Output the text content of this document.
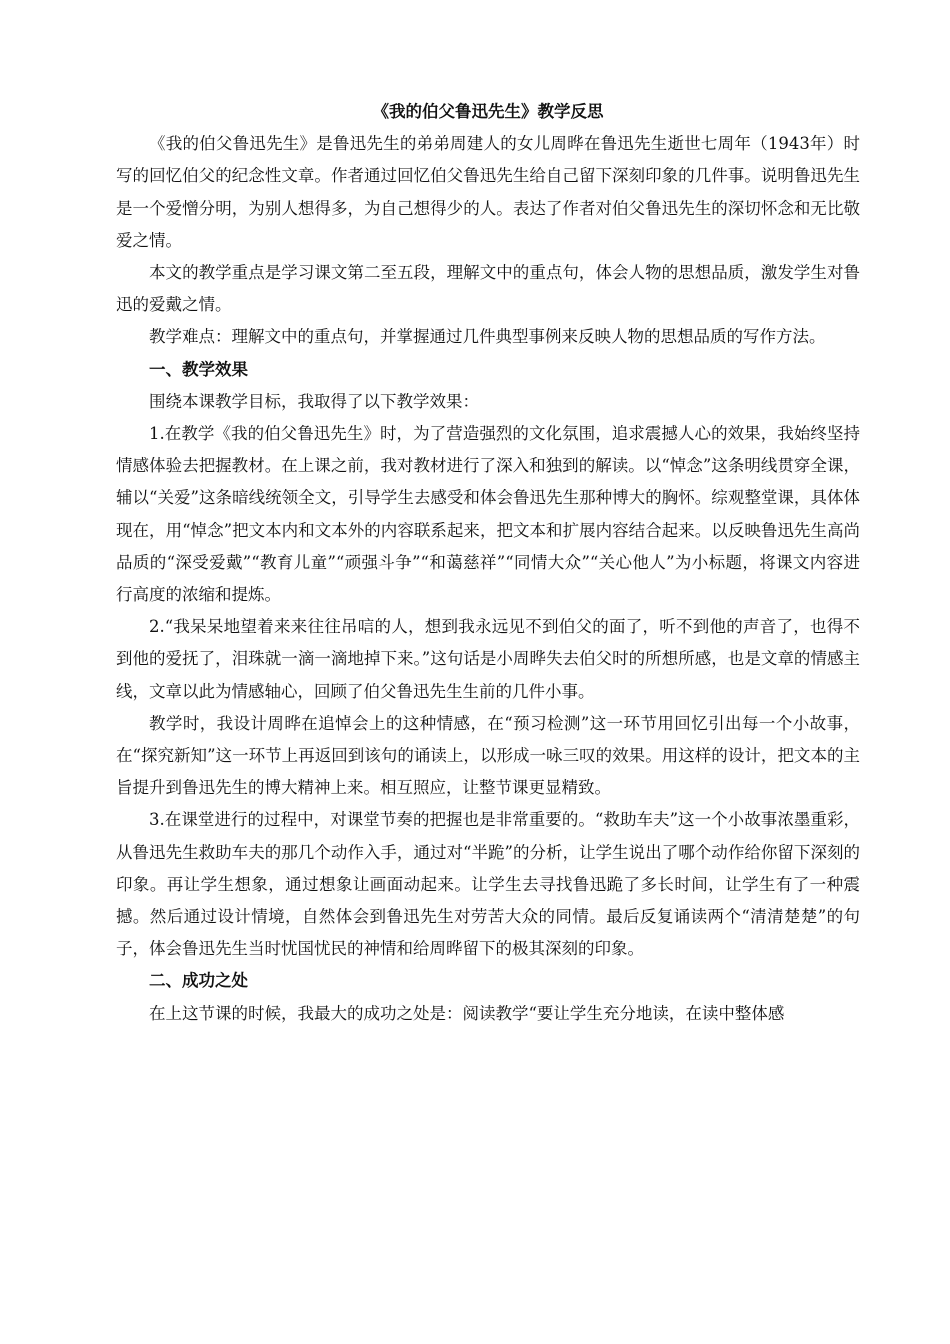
《我的伯父鲁迅先生》教学反思

《我的伯父鲁迅先生》是鲁迅先生的弟弟周建人的女儿周晔在鲁迅先生逝世七周年（1943年）时写的回忆伯父的纪念性文章。作者通过回忆伯父鲁迅先生给自己留下深刻印象的几件事。说明鲁迅先生是一个爱憎分明，为别人想得多，为自己想得少的人。表达了作者对伯父鲁迅先生的深切怀念和无比敬爱之情。

本文的教学重点是学习课文第二至五段，理解文中的重点句，体会人物的思想品质，激发学生对鲁迅的爱戴之情。

教学难点：理解文中的重点句，并掌握通过几件典型事例来反映人物的思想品质的写作方法。

一、教学效果

围绕本课教学目标，我取得了以下教学效果：

1.在教学《我的伯父鲁迅先生》时，为了营造强烈的文化氛围，追求震撼人心的效果，我始终坚持情感体验去把握教材。在上课之前，我对教材进行了深入和独到的解读。以“悼念”这条明线贯穿全课，辅以“关爱”这条暗线统领全文，引导学生去感受和体会鲁迅先生那种博大的胸怀。综观整堂课，具体体现在，用“悼念”把文本内和文本外的内容联系起来，把文本和扩展内容结合起来。以反映鲁迅先生高尚品质的“深受爱戴”“教育儿童”“顽强斗争”“和蔼慈祥”“同情大众”“关心他人”为小标题，将课文内容进行高度的浓缩和提炼。

2.“我呆呆地望着来来往往吊唁的人，想到我永远见不到伯父的面了，听不到他的声音了，也得不到他的爱抚了，泪珠就一滴一滴地掉下来。”这句话是小周晔失去伯父时的所想所感，也是文章的情感主线，文章以此为情感轴心，回顾了伯父鲁迅先生生前的几件小事。

教学时，我设计周晔在追悼会上的这种情感，在“预习检测”这一环节用回忆引出每一个小故事，在“探究新知”这一环节上再返回到该句的诵读上，以形成一咏三叹的效果。用这样的设计，把文本的主旨提升到鲁迅先生的博大精神上来。相互照应，让整节课更显精致。

3.在课堂进行的过程中，对课堂节奏的把握也是非常重要的。“救助车夫”这一个小故事浓墨重彩，从鲁迅先生救助车夫的那几个动作入手，通过对“半跪”的分析，让学生说出了哪个动作给你留下深刻的印象。再让学生想象，通过想象让画面动起来。让学生去寻找鲁迅跪了多长时间，让学生有了一种震撼。然后通过设计情境，自然体会到鲁迅先生对劳苦大众的同情。最后反复诵读两个“清清楚楚”的句子，体会鲁迅先生当时忧国忧民的神情和给周晔留下的极其深刻的印象。

二、成功之处

在上这节课的时候，我最大的成功之处是：阅读教学“要让学生充分地读，在读中整体感
